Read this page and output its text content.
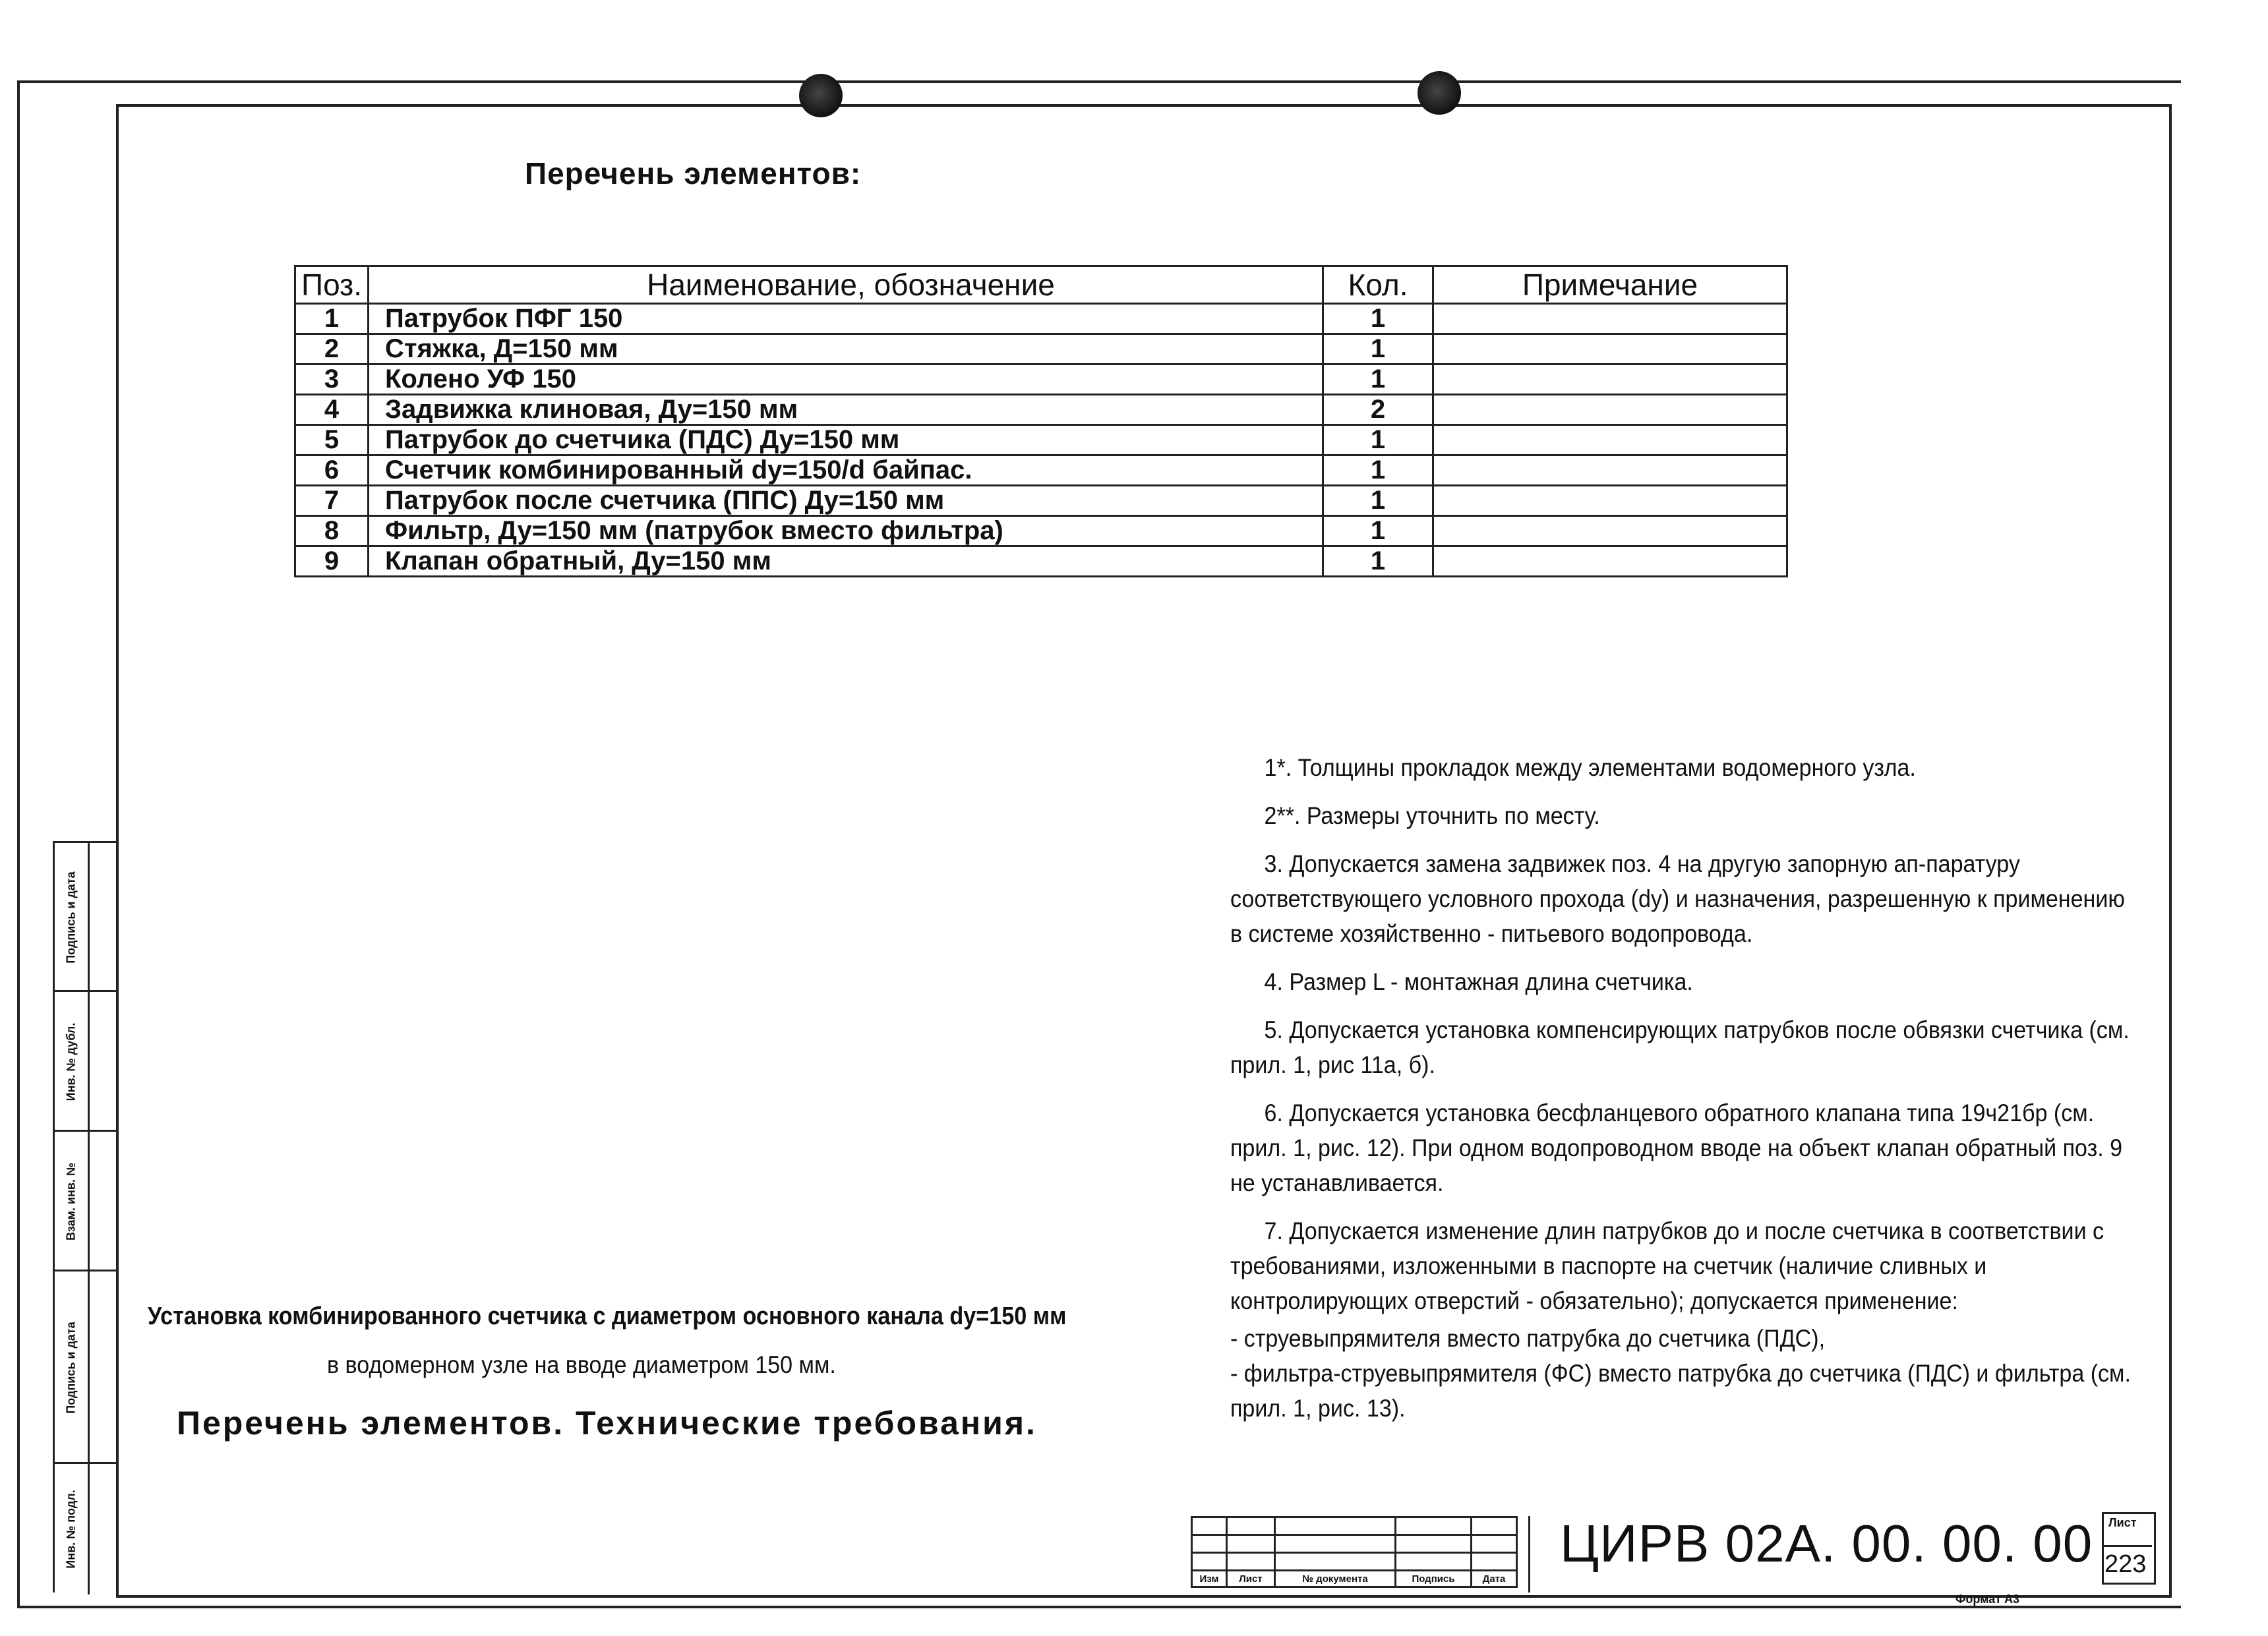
Перечень элементов:
Поз.	Наименование, обозначение	Кол.	Примечание
1	Патрубок ПФГ 150	1	
2	Стяжка, Д=150 мм	1	
3	Колено УФ 150	1	
4	Задвижка клиновая, Ду=150 мм	2	
5	Патрубок до счетчика (ПДС) Ду=150 мм	1	
6	Счетчик комбинированный dy=150/d байпас.	1	
7	Патрубок после счетчика (ППС) Ду=150 мм	1	
8	Фильтр, Ду=150 мм (патрубок вместо фильтра)	1	
9	Клапан обратный, Ду=150 мм	1	

1*. Толщины прокладок между элементами водомерного узла.

2**. Размеры уточнить по месту.

3. Допускается замена задвижек поз. 4 на другую запорную ап-паратуру соответствующего условного прохода (dy) и назначения, разрешенную к применению в системе хозяйственно - питьевого водопровода.

4. Размер L - монтажная длина счетчика.

5. Допускается установка компенсирующих патрубков после обвязки счетчика (см. прил. 1, рис 11а, б).

6. Допускается установка бесфланцевого обратного клапана типа 19ч21бр (см. прил. 1, рис. 12). При одном водопроводном вводе на объект клапан обратный поз. 9 не устанавливается.

7. Допускается изменение длин патрубков до и после счетчика в соответствии с требованиями, изложенными в паспорте на счетчик (наличие сливных и контролирующих отверстий - обязательно); допускается применение:

- струевыпрямителя вместо патрубка до счетчика (ПДС),

- фильтра-струевыпрямителя (ФС) вместо патрубка до счетчика (ПДС) и фильтра (см. прил. 1, рис. 13).

Установка комбинированного счетчика с диаметром основного канала dy=150 мм
в водомерном узле на вводе диаметром 150 мм.
Перечень элементов. Технические требования.
Подпись и дата
Инв. № дубл.
Взам. инв. №
Подпись и дата
Инв. № подл.

Изм	Лист	№ документа	Подпись	Дата
ЦИРВ 02А. 00. 00. 00 Лист
223
Формат А3
